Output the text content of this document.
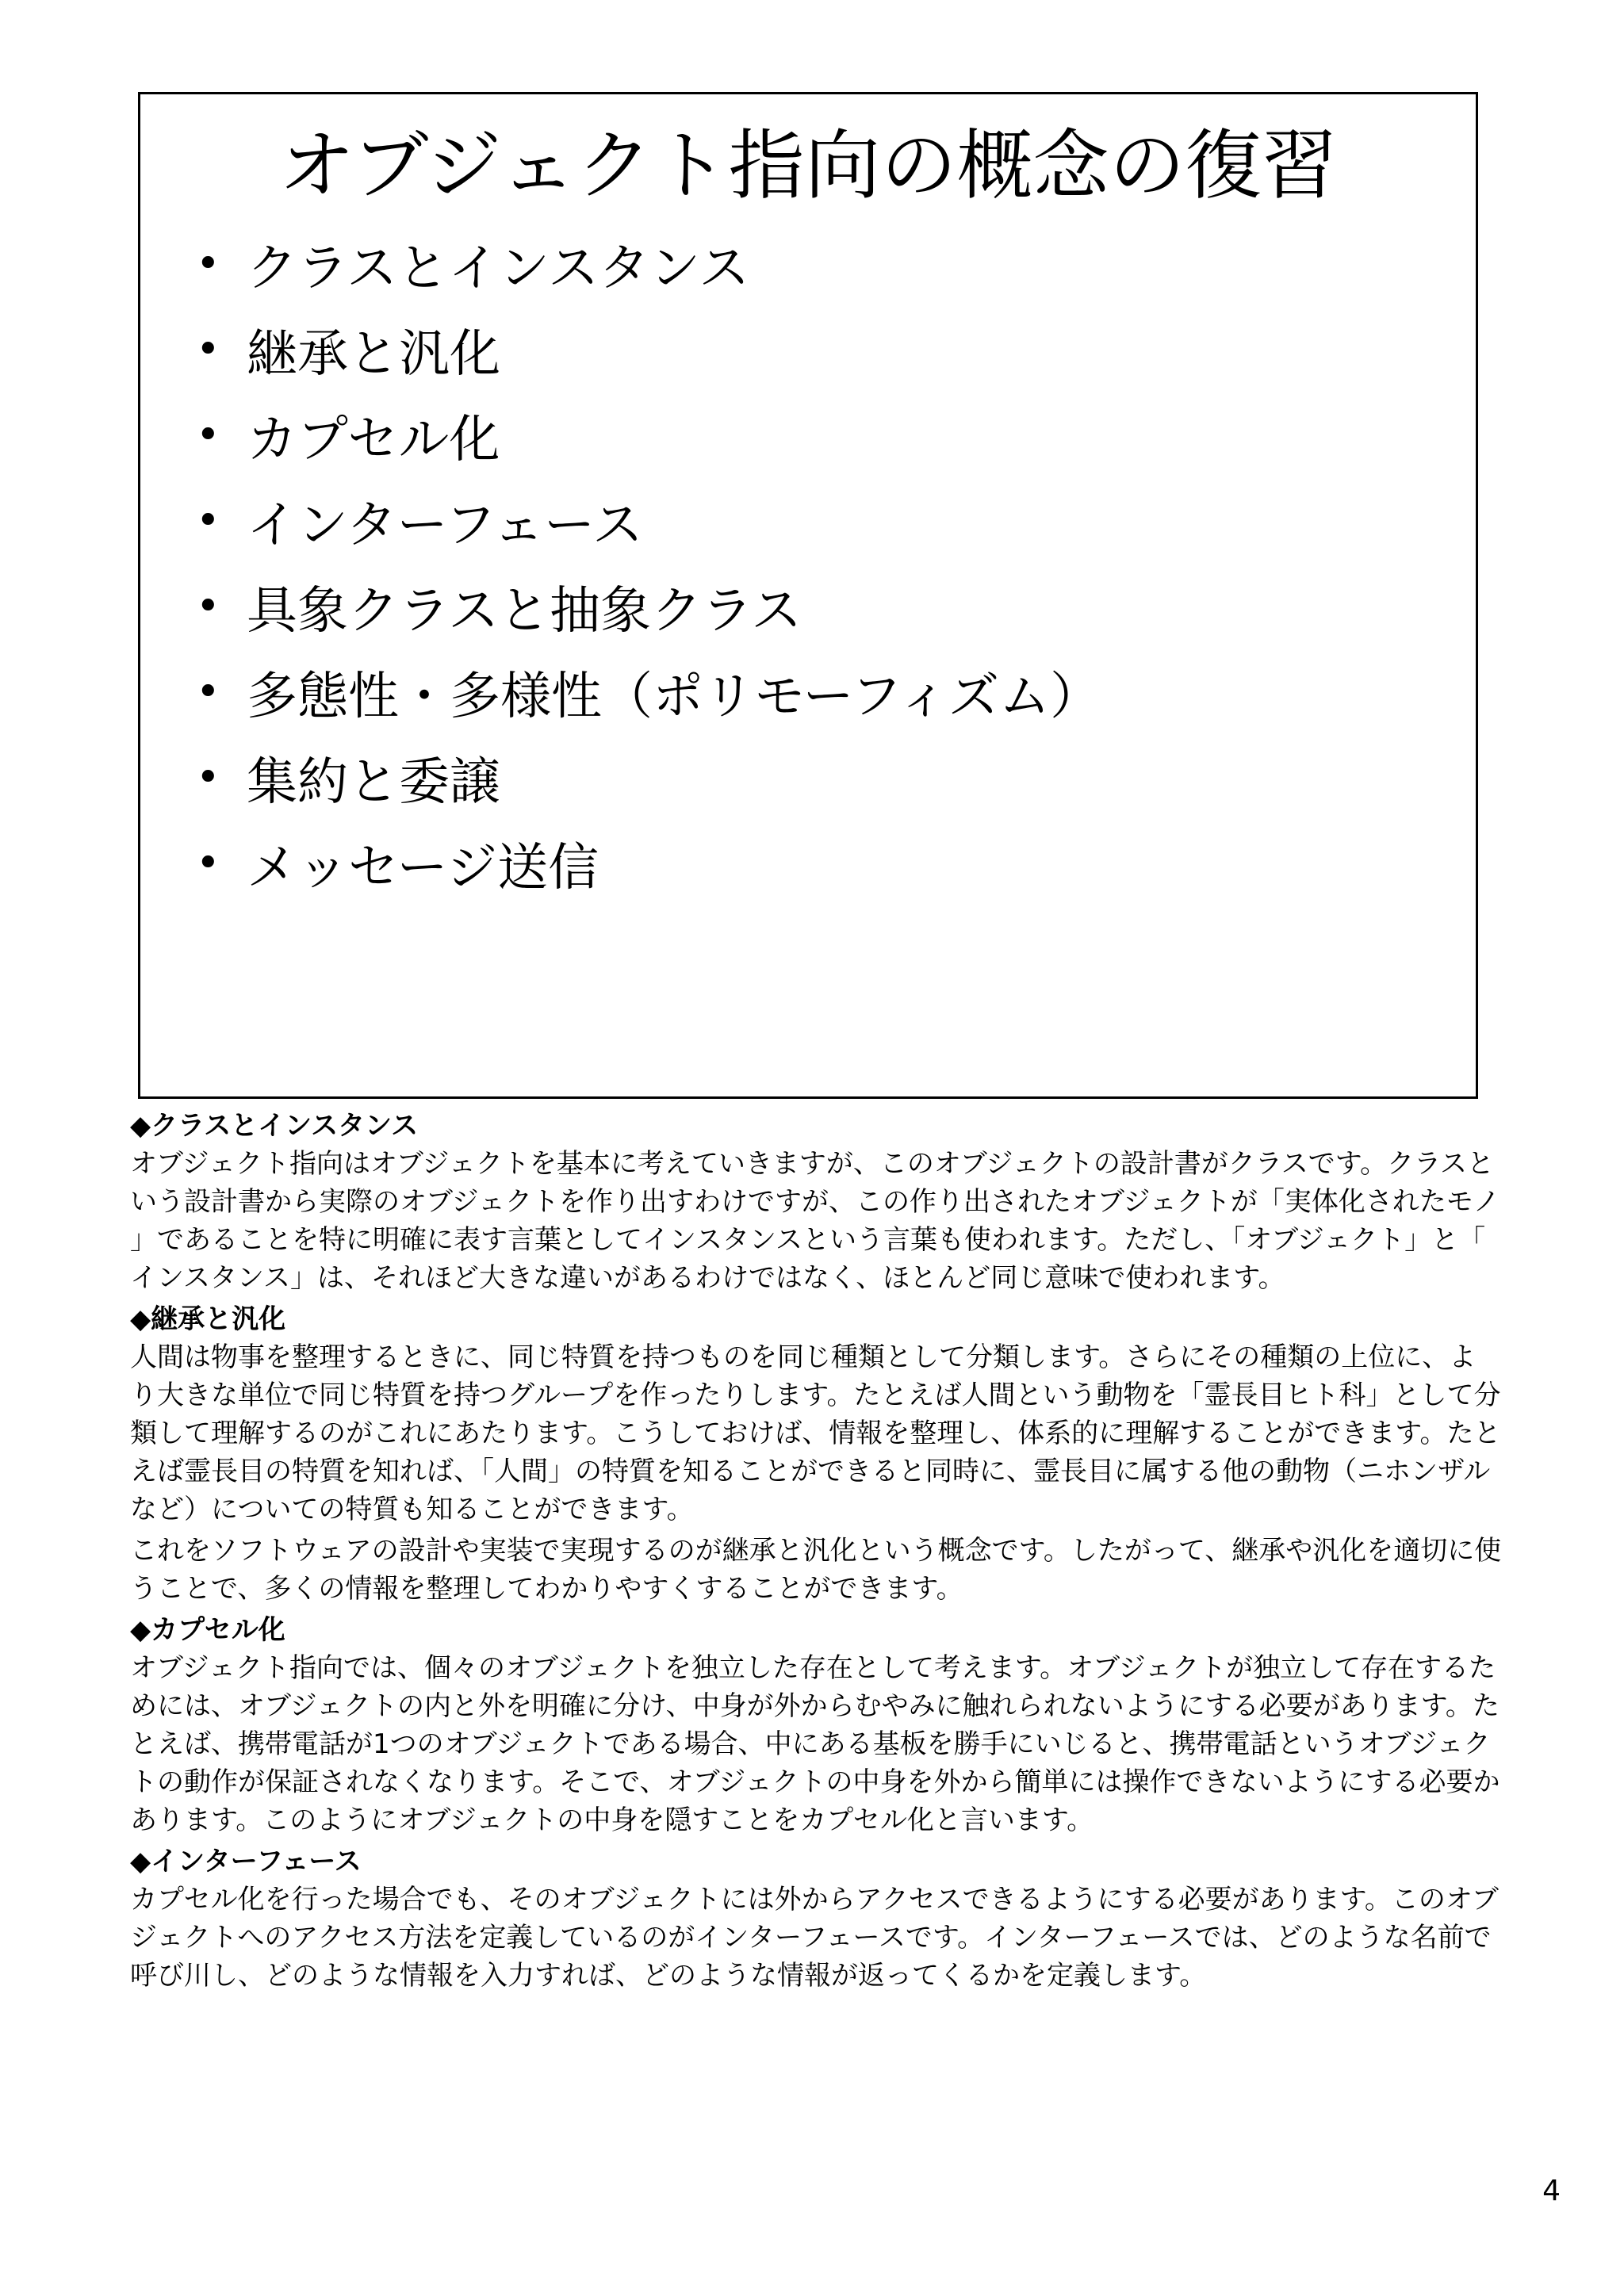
オブジェクト指向の概念の復習
• クラスとインスタンス
• 継承と汎化
• カプセル化
• インターフェース
• 具象クラスと抽象クラス
• 多態性・多様性（ポリモーフィズム）
• 集約と委譲
• メッセージ送信

◆クラスとインスタンス

オブジェクト指向はオブジェクトを基本に考えていきますが、このオブジェクトの設計書がクラスです。クラスという設計書から実際のオブジェクトを作り出すわけですが、この作り出されたオブジェクトが「実体化されたモノ」であることを特に明確に表す言葉としてインスタンスという言葉も使われます。ただし、「オブジェクト」と「インスタンス」は、それほど大きな違いがあるわけではなく、ほとんど同じ意味で使われます。

◆継承と汎化

人間は物事を整理するときに、同じ特質を持つものを同じ種類として分類します。さらにその種類の上位に、より大きな単位で同じ特質を持つグループを作ったりします。たとえば人間という動物を「霊長目ヒト科」として分類して理解するのがこれにあたります。こうしておけば、情報を整理し、体系的に理解することができます。たとえば霊長目の特質を知れば、「人間」の特質を知ることができると同時に、霊長目に属する他の動物（ニホンザルなど）についての特質も知ることができます。

これをソフトウェアの設計や実装で実現するのが継承と汎化という概念です。したがって、継承や汎化を適切に使うことで、多くの情報を整理してわかりやすくすることができます。

◆カプセル化

オブジェクト指向では、個々のオブジェクトを独立した存在として考えます。オブジェクトが独立して存在するためには、オブジェクトの内と外を明確に分け、中身が外からむやみに触れられないようにする必要があります。たとえば、携帯電話が1つのオブジェクトである場合、中にある基板を勝手にいじると、携帯電話というオブジェクトの動作が保証されなくなります。そこで、オブジェクトの中身を外から簡単には操作できないようにする必要かあります。このようにオブジェクトの中身を隠すことをカプセル化と言います。

◆インターフェース

カプセル化を行った場合でも、そのオブジェクトには外からアクセスできるようにする必要があります。このオブジェクトへのアクセス方法を定義しているのがインターフェースです。インターフェースでは、どのような名前で呼び川し、どのような情報を入力すれば、どのような情報が返ってくるかを定義します。

4
